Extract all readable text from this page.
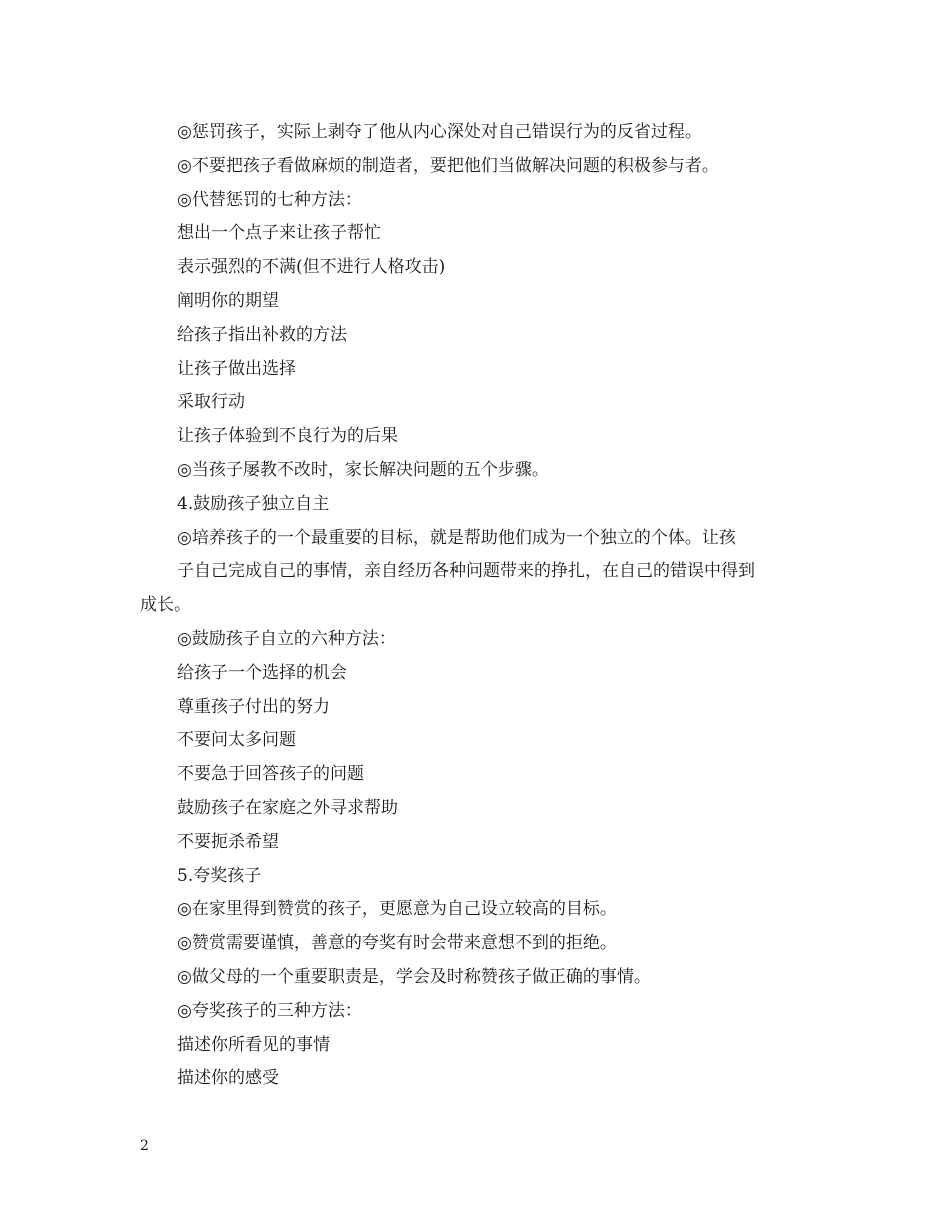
◎惩罚孩子，实际上剥夺了他从内心深处对自己错误行为的反省过程。

◎不要把孩子看做麻烦的制造者，要把他们当做解决问题的积极参与者。

◎代替惩罚的七种方法：

想出一个点子来让孩子帮忙

表示强烈的不满(但不进行人格攻击)

阐明你的期望

给孩子指出补救的方法

让孩子做出选择

采取行动

让孩子体验到不良行为的后果

◎当孩子屡教不改时，家长解决问题的五个步骤。

4.鼓励孩子独立自主

◎培养孩子的一个最重要的目标，就是帮助他们成为一个独立的个体。让孩

子自己完成自己的事情，亲自经历各种问题带来的挣扎，在自己的错误中得到

成长。

◎鼓励孩子自立的六种方法：

给孩子一个选择的机会

尊重孩子付出的努力

不要问太多问题

不要急于回答孩子的问题

鼓励孩子在家庭之外寻求帮助

不要扼杀希望

5.夸奖孩子

◎在家里得到赞赏的孩子，更愿意为自己设立较高的目标。

◎赞赏需要谨慎，善意的夸奖有时会带来意想不到的拒绝。

◎做父母的一个重要职责是，学会及时称赞孩子做正确的事情。

◎夸奖孩子的三种方法：

描述你所看见的事情

描述你的感受

2
